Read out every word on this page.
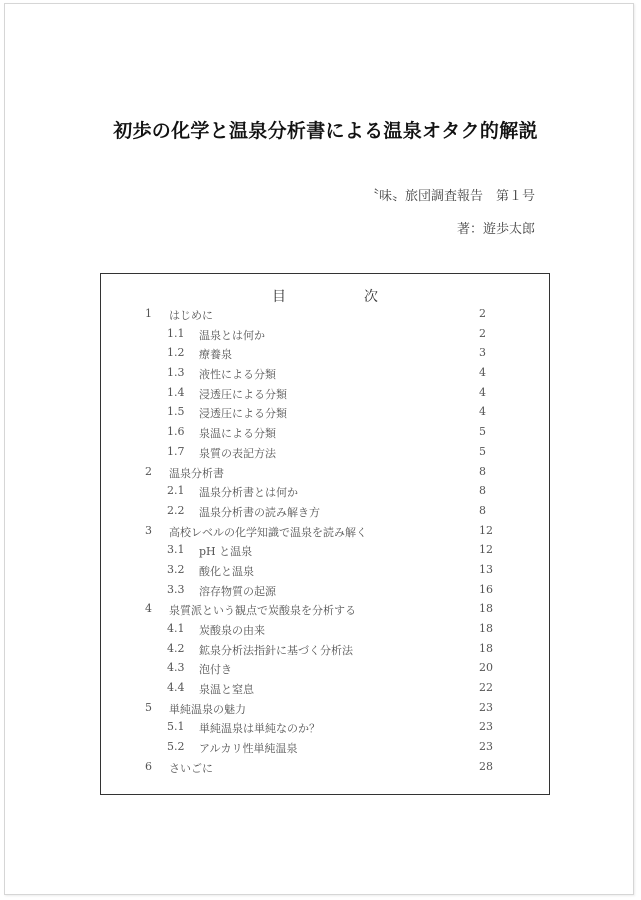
初歩の化学と温泉分析書による温泉オタク的解説
〝味〟旅団調査報告　第１号
著：遊歩太郎
目次
1 はじめに	2
1.1 温泉とは何か	2
1.2 療養泉	3
1.3 液性による分類	4
1.4 浸透圧による分類	4
1.5 浸透圧による分類	4
1.6 泉温による分類	5
1.7 泉質の表記方法	5
2 温泉分析書	8
2.1 温泉分析書とは何か	8
2.2 温泉分析書の読み解き方	8
3 高校レベルの化学知識で温泉を読み解く	12
3.1 pH と温泉	12
3.2 酸化と温泉	13
3.3 溶存物質の起源	16
4 泉質派という観点で炭酸泉を分析する	18
4.1 炭酸泉の由来	18
4.2 鉱泉分析法指針に基づく分析法	18
4.3 泡付き	20
4.4 泉温と窒息	22
5 単純温泉の魅力	23
5.1 単純温泉は単純なのか？	23
5.2 アルカリ性単純温泉	23
6 さいごに	28
